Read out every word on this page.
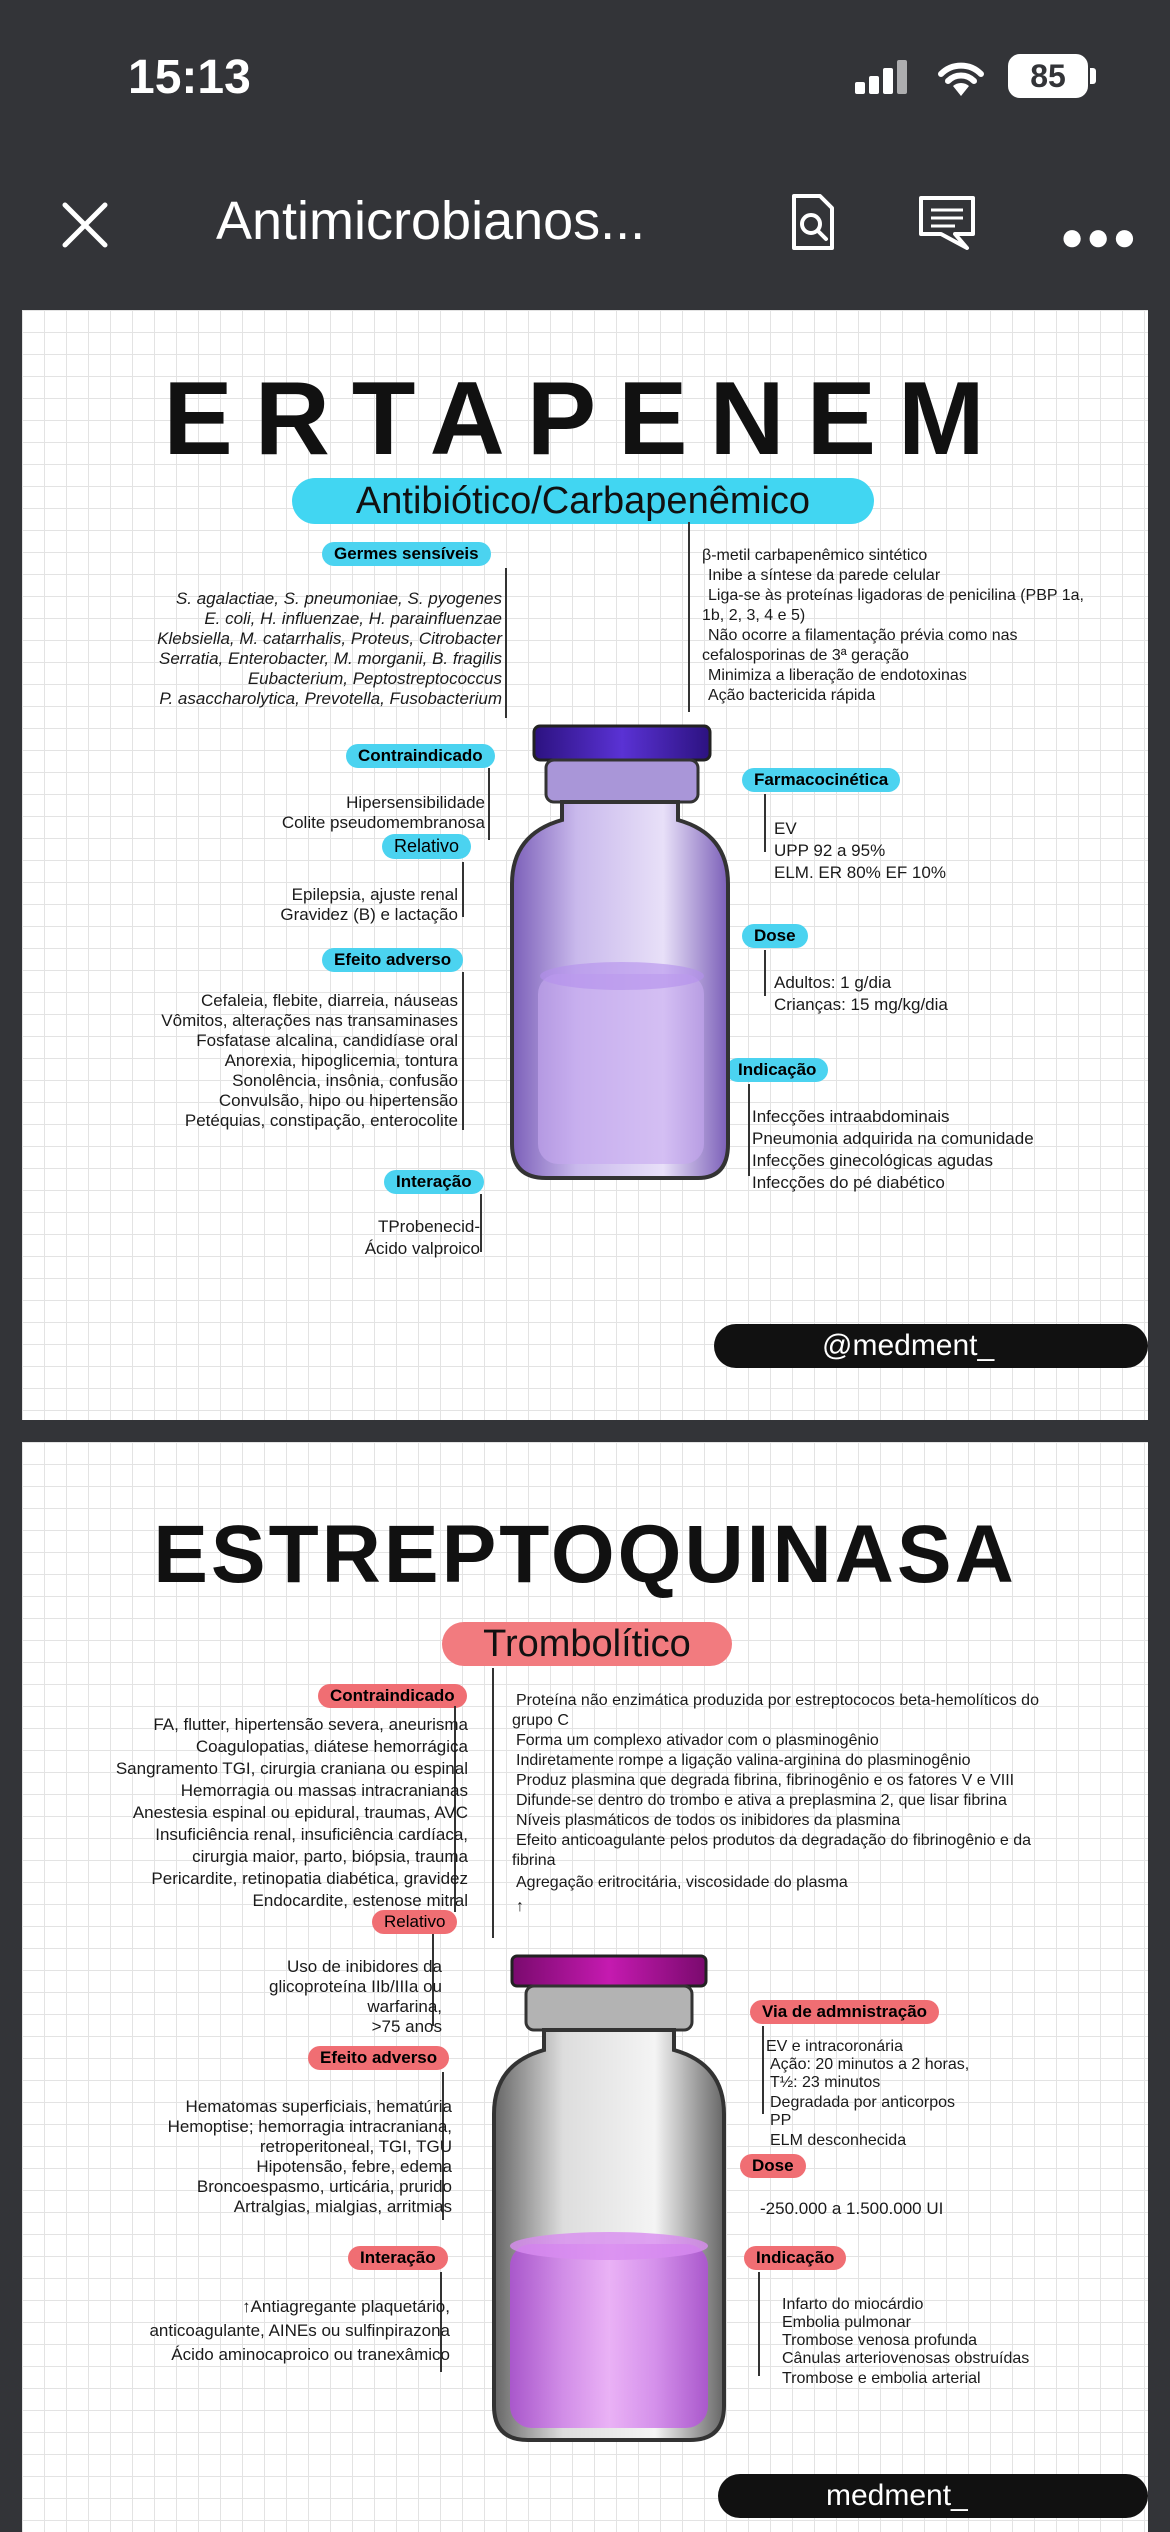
15:13	85
Antimicrobianos...	●●●
ERTAPENEM
Antibiótico/Carbapenêmico
Germes sensíveis
S. agalactiae, S. pneumoniae, S. pyogenes
E. coli, H. influenzae, H. parainfluenzae
Klebsiella, M. catarrhalis, Proteus, Citrobacter
Serratia, Enterobacter, M. morganii, B. fragilis
Eubacterium, Peptostreptococcus
P. asaccharolytica, Prevotella, Fusobacterium
β-metil carbapenêmico sintético
Inibe a síntese da parede celular
Liga-se às proteínas ligadoras de penicilina (PBP 1a,
1b, 2, 3, 4 e 5)
Não ocorre a filamentação prévia como nas
cefalosporinas de 3ª geração
Minimiza a liberação de endotoxinas
Ação bactericida rápida
Contraindicado
Hipersensibilidade
Colite pseudomembranosa
Relativo
Epilepsia, ajuste renal
Gravidez (B) e lactação
Efeito adverso
Cefaleia, flebite, diarreia, náuseas
Vômitos, alterações nas transaminases
Fosfatase alcalina, candidíase oral
Anorexia, hipoglicemia, tontura
Sonolência, insônia, confusão
Convulsão, hipo ou hipertensão
Petéquias, constipação, enterocolite
Interação
TProbenecid-
Ácido valproico
Farmacocinética
EV
UPP 92 a 95%
ELM. ER 80% EF 10%
Dose
Adultos: 1 g/dia
Crianças: 15 mg/kg/dia
Indicação
Infecções intraabdominais
Pneumonia adquirida na comunidade
Infecções ginecológicas agudas
Infecções do pé diabético
@medment_
ESTREPTOQUINASA
Trombolítico
Contraindicado
FA, flutter, hipertensão severa, aneurisma
Coagulopatias, diátese hemorrágica
Sangramento TGI, cirurgia craniana ou espinal
Hemorragia ou massas intracranianas
Anestesia espinal ou epidural, traumas, AVC
Insuficiência renal, insuficiência cardíaca,
cirurgia maior, parto, biópsia, trauma
Pericardite, retinopatia diabética, gravidez
Endocardite, estenose mitral
Proteína não enzimática produzida por estreptococos beta-hemolíticos do
grupo C
Forma um complexo ativador com o plasminogênio
Indiretamente rompe a ligação valina-arginina do plasminogênio
Produz plasmina que degrada fibrina, fibrinogênio e os fatores V e VIII
Difunde-se dentro do trombo e ativa a preplasmina 2, que lisar fibrina
Níveis plasmáticos de todos os inibidores da plasmina
Efeito anticoagulante pelos produtos da degradação do fibrinogênio e da
fibrina
Agregação eritrocitária, viscosidade do plasma
↑
Relativo
Uso de inibidores da
glicoproteína IIb/IIIa ou
warfarina,
>75 anos
Efeito adverso
Hematomas superficiais, hematúria
Hemoptise; hemorragia intracraniana,
retroperitoneal, TGI, TGU
Hipotensão, febre, edema
Broncoespasmo, urticária, prurido
Artralgias, mialgias, arritmias
Interação
↑Antiagregante plaquetário,
anticoagulante, AINEs ou sulfinpirazona
Ácido aminocaproico ou tranexâmico
Via de admnistração
EV e intracoronária
Ação: 20 minutos a 2 horas,
T½: 23 minutos
Degradada por anticorpos
PP
ELM desconhecida
Dose
-250.000 a 1.500.000 UI
Indicação
Infarto do miocárdio
Embolia pulmonar
Trombose venosa profunda
Cânulas arteriovenosas obstruídas
Trombose e embolia arterial
medment_
